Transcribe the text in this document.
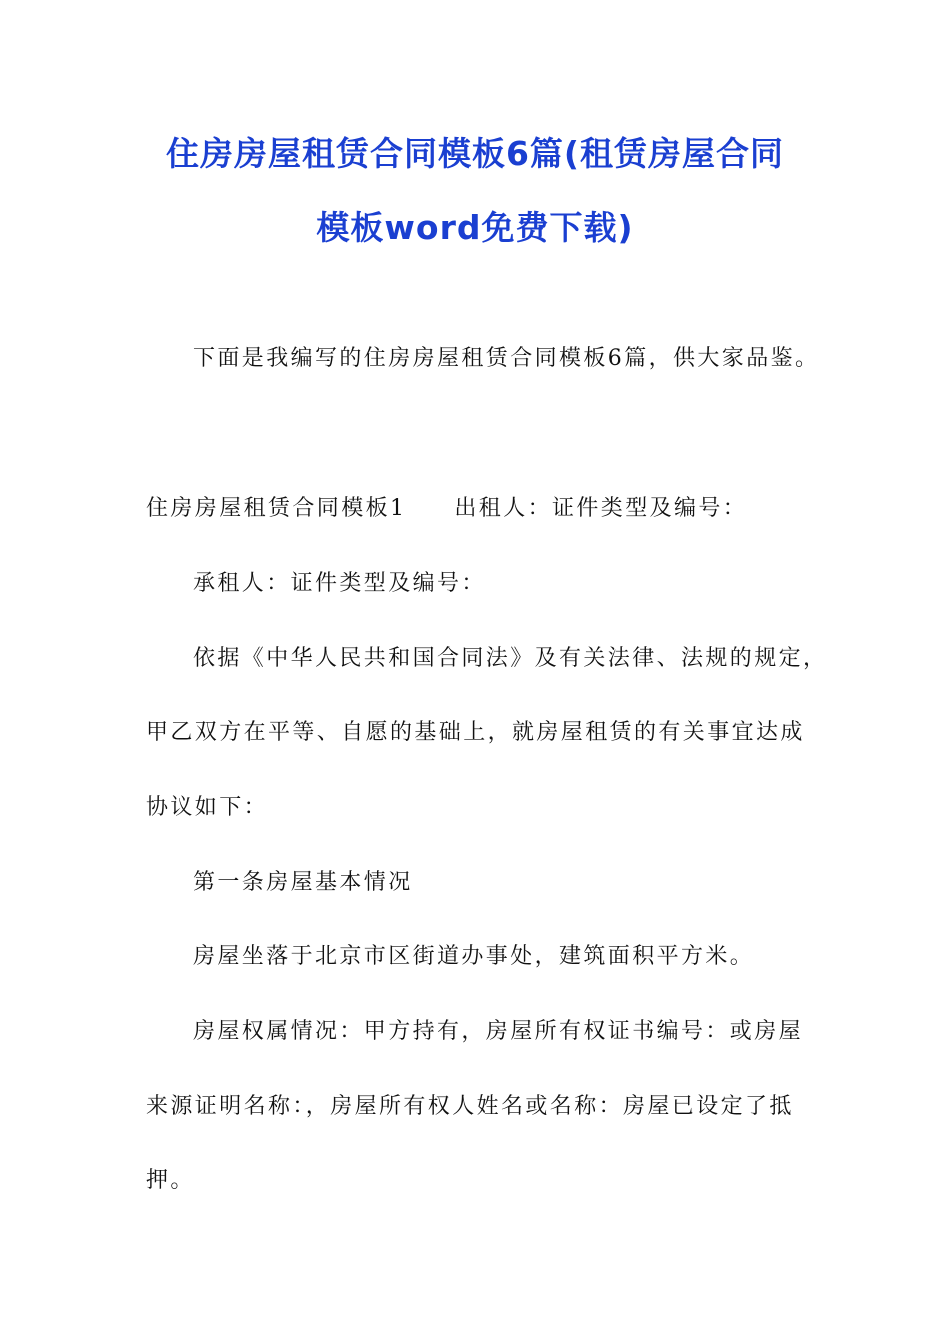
住房房屋租赁合同模板6篇(租赁房屋合同
模板word免费下载)
下面是我编写的住房房屋租赁合同模板6篇，供大家品鉴。
住房房屋租赁合同模板1 出租人：证件类型及编号：
承租人：证件类型及编号：
依据《中华人民共和国合同法》及有关法律、法规的规定，
甲乙双方在平等、自愿的基础上，就房屋租赁的有关事宜达成
协议如下：
第一条房屋基本情况
房屋坐落于北京市区街道办事处，建筑面积平方米。
房屋权属情况：甲方持有，房屋所有权证书编号：或房屋
来源证明名称：，房屋所有权人姓名或名称：房屋已设定了抵
押。
